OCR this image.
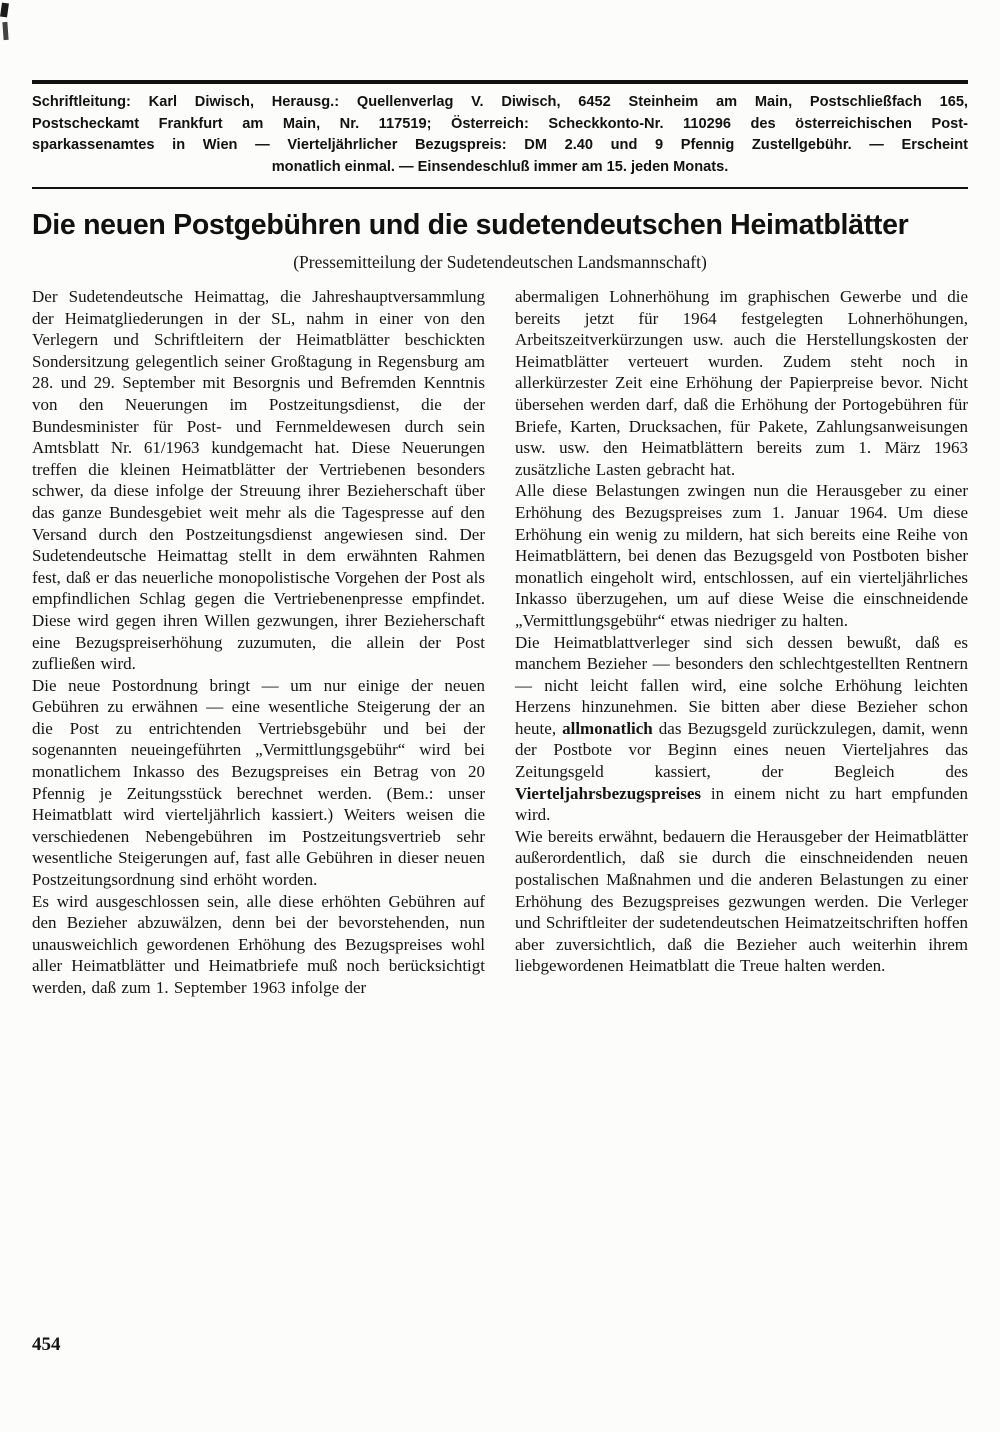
Schriftleitung: Karl Diwisch, Herausg.: Quellenverlag V. Diwisch, 6452 Steinheim am Main, Postschließfach 165,
Postscheckamt Frankfurt am Main, Nr. 117519; Österreich: Scheckkonto-Nr. 110296 des österreichischen Post-
sparkassenamtes in Wien — Vierteljährlicher Bezugspreis: DM 2.40 und 9 Pfennig Zustellgebühr. — Erscheint
monatlich einmal. — Einsendeschluß immer am 15. jeden Monats.
Die neuen Postgebühren und die sudetendeutschen Heimatblätter
(Pressemitteilung der Sudetendeutschen Landsmannschaft)

Der Sudetendeutsche Heimattag, die Jahreshauptversammlung der Heimatgliederungen in der SL, nahm in einer von den Verlegern und Schriftleitern der Heimatblätter beschickten Sondersitzung gelegentlich seiner Großtagung in Regensburg am 28. und 29. September mit Besorgnis und Befremden Kenntnis von den Neuerungen im Postzeitungsdienst, die der Bundesminister für Post- und Fernmeldewesen durch sein Amtsblatt Nr. 61/1963 kundgemacht hat. Diese Neuerungen treffen die kleinen Heimatblätter der Vertriebenen besonders schwer, da diese infolge der Streuung ihrer Bezieherschaft über das ganze Bundesgebiet weit mehr als die Tagespresse auf den Versand durch den Postzeitungsdienst angewiesen sind. Der Sudetendeutsche Heimattag stellt in dem erwähnten Rahmen fest, daß er das neuerliche monopolistische Vorgehen der Post als empfindlichen Schlag gegen die Vertriebenenpresse empfindet. Diese wird gegen ihren Willen gezwungen, ihrer Bezieherschaft eine Bezugspreiserhöhung zuzumuten, die allein der Post zufließen wird.

Die neue Postordnung bringt — um nur einige der neuen Gebühren zu erwähnen — eine wesentliche Steigerung der an die Post zu entrichtenden Vertriebsgebühr und bei der sogenannten neueingeführten „Vermittlungsgebühr“ wird bei monatlichem Inkasso des Bezugspreises ein Betrag von 20 Pfennig je Zeitungsstück berechnet werden. (Bem.: unser Heimatblatt wird vierteljährlich kassiert.) Weiters weisen die verschiedenen Nebengebühren im Postzeitungsvertrieb sehr wesentliche Steigerungen auf, fast alle Gebühren in dieser neuen Postzeitungsordnung sind erhöht worden.

Es wird ausgeschlossen sein, alle diese erhöhten Gebühren auf den Bezieher abzuwälzen, denn bei der bevorstehenden, nun unausweichlich gewordenen Erhöhung des Bezugspreises wohl aller Heimatblätter und Heimatbriefe muß noch berücksichtigt werden, daß zum 1. September 1963 infolge der

abermaligen Lohnerhöhung im graphischen Gewerbe und die bereits jetzt für 1964 festgelegten Lohnerhöhungen, Arbeitszeitverkürzungen usw. auch die Herstellungskosten der Heimatblätter verteuert wurden. Zudem steht noch in allerkürzester Zeit eine Erhöhung der Papierpreise bevor. Nicht übersehen werden darf, daß die Erhöhung der Portogebühren für Briefe, Karten, Drucksachen, für Pakete, Zahlungsanweisungen usw. usw. den Heimatblättern bereits zum 1. März 1963 zusätzliche Lasten gebracht hat.

Alle diese Belastungen zwingen nun die Herausgeber zu einer Erhöhung des Bezugspreises zum 1. Januar 1964. Um diese Erhöhung ein wenig zu mildern, hat sich bereits eine Reihe von Heimatblättern, bei denen das Bezugsgeld von Postboten bisher monatlich eingeholt wird, entschlossen, auf ein vierteljährliches Inkasso überzugehen, um auf diese Weise die einschneidende „Vermittlungsgebühr“ etwas niedriger zu halten.

Die Heimatblattverleger sind sich dessen bewußt, daß es manchem Bezieher — besonders den schlechtgestellten Rentnern — nicht leicht fallen wird, eine solche Erhöhung leichten Herzens hinzunehmen. Sie bitten aber diese Bezieher schon heute, allmonatlich das Bezugsgeld zurückzulegen, damit, wenn der Postbote vor Beginn eines neuen Vierteljahres das Zeitungsgeld kassiert, der Begleich des Vierteljahrsbezugspreises in einem nicht zu hart empfunden wird.

Wie bereits erwähnt, bedauern die Herausgeber der Heimatblätter außerordentlich, daß sie durch die einschneidenden neuen postalischen Maßnahmen und die anderen Belastungen zu einer Erhöhung des Bezugspreises gezwungen werden. Die Verleger und Schriftleiter der sudetendeutschen Heimatzeitschriften hoffen aber zuversichtlich, daß die Bezieher auch weiterhin ihrem liebgewordenen Heimatblatt die Treue halten werden.

454
